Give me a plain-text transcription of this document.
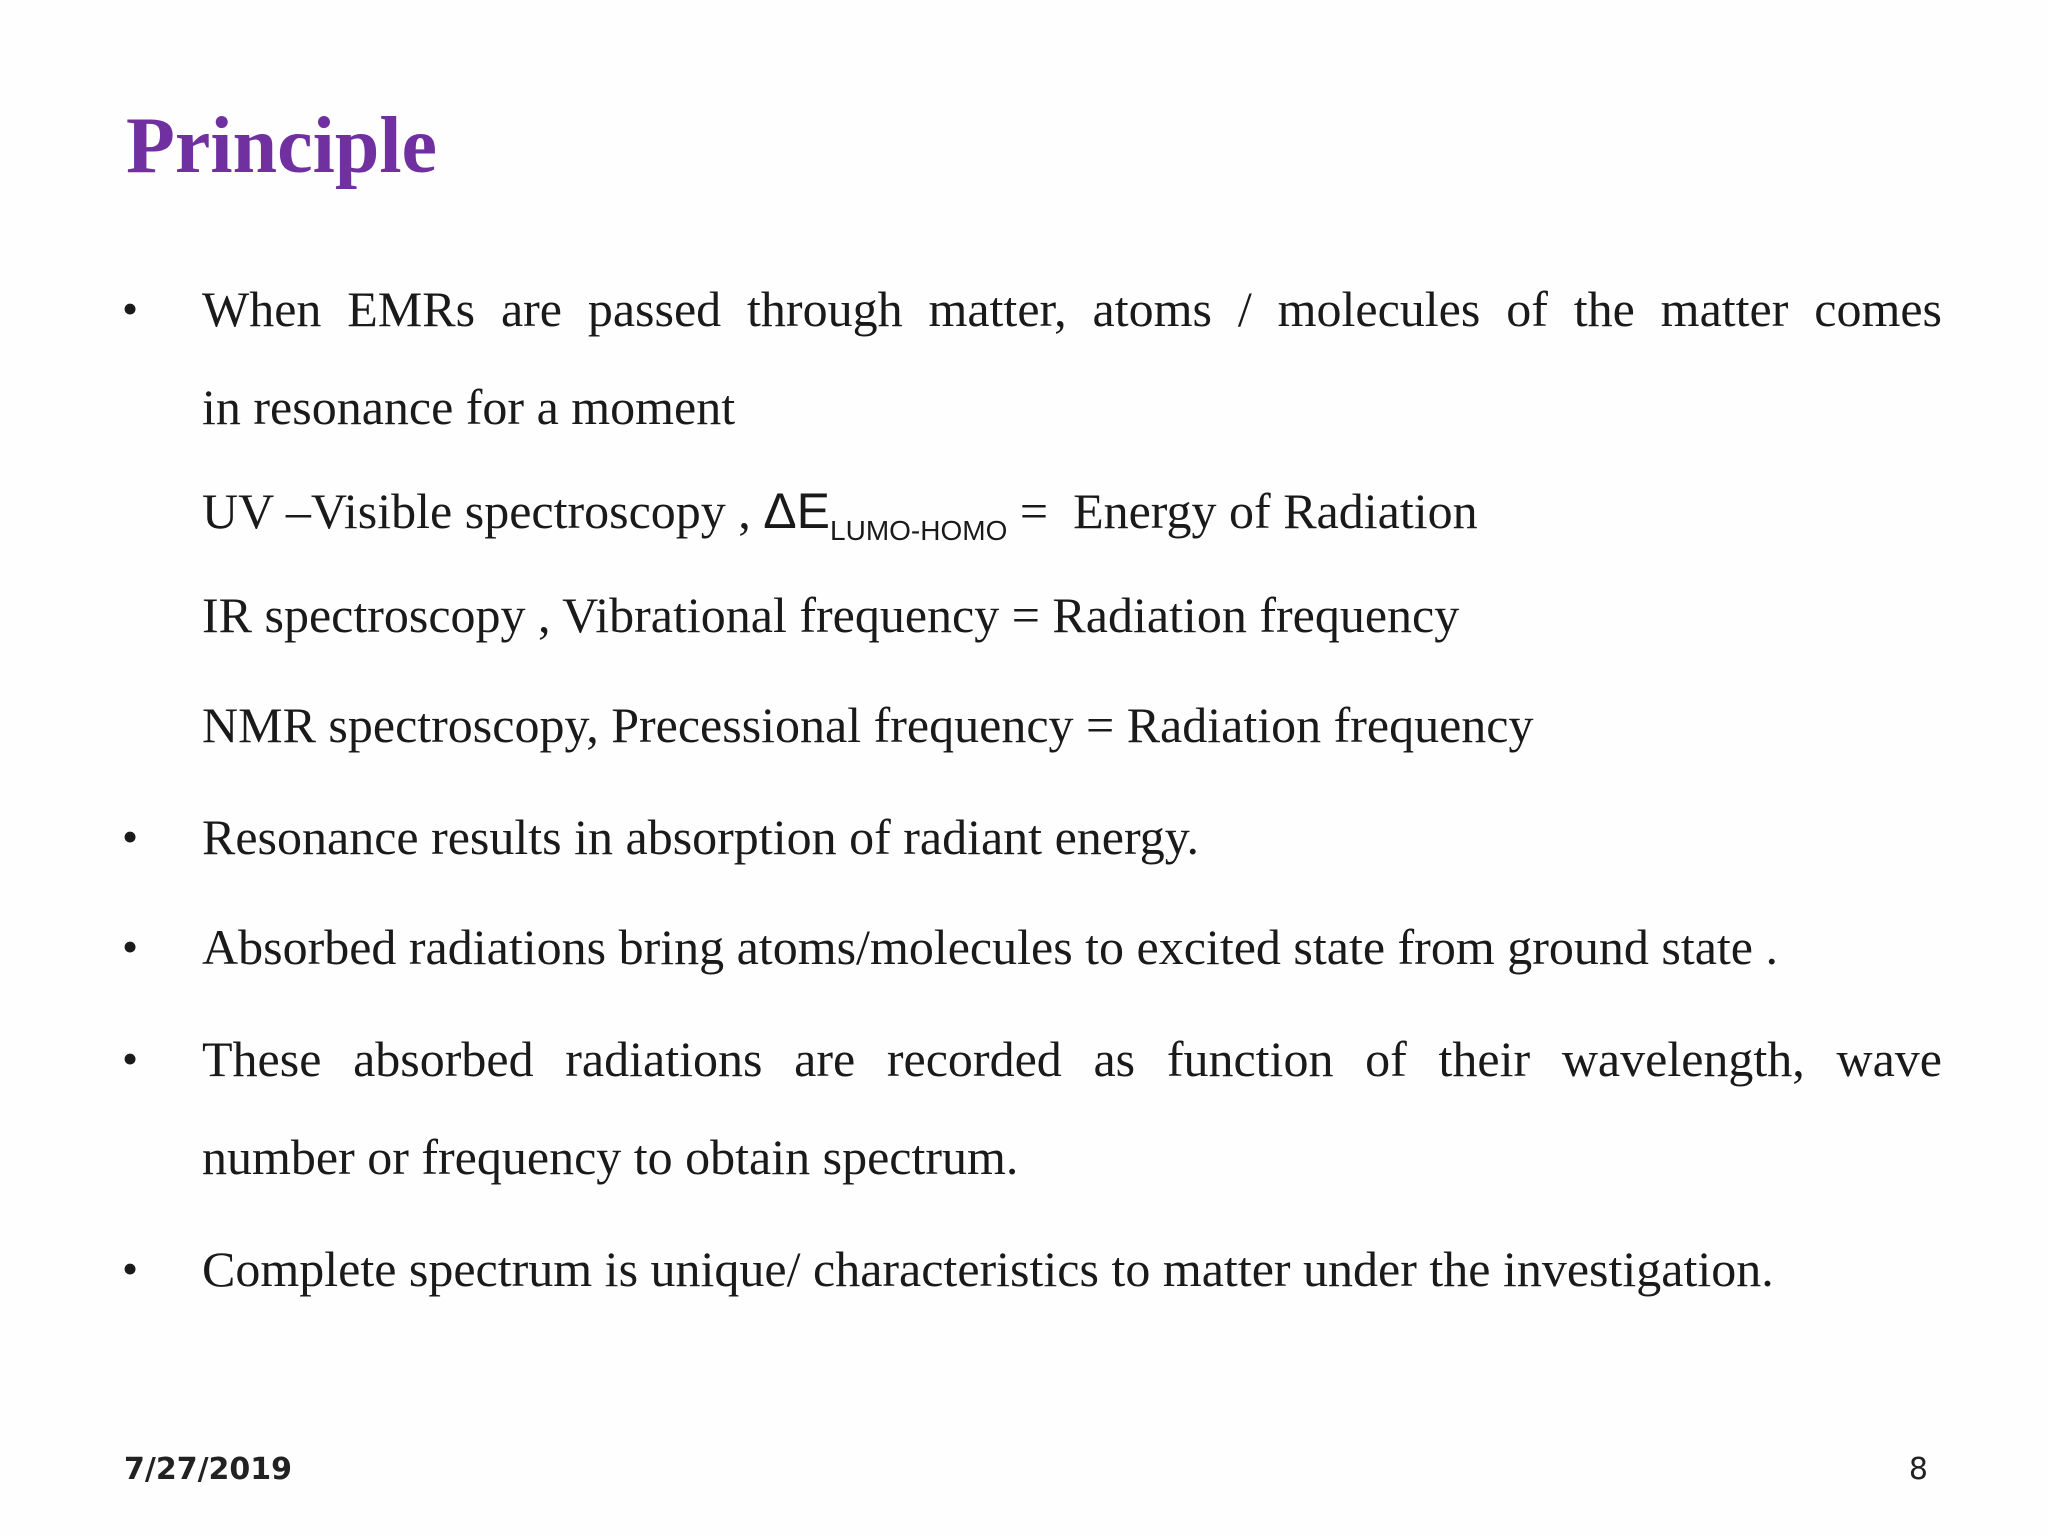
Principle
• When EMRs are passed through matter, atoms / molecules of the matter comes

in resonance for a moment

UV –Visible spectroscopy , $\Delta E_{LUMO-HOMO}$ =  Energy of Radiation

IR spectroscopy , Vibrational frequency = Radiation frequency

NMR spectroscopy, Precessional frequency = Radiation frequency

• Resonance results in absorption of radiant energy.

• Absorbed radiations bring atoms/molecules to excited state from ground state .

• These absorbed radiations are recorded as function of their wavelength, wave

number or frequency to obtain spectrum.

• Complete spectrum is unique/ characteristics to matter under the investigation.

7/27/2019	8
